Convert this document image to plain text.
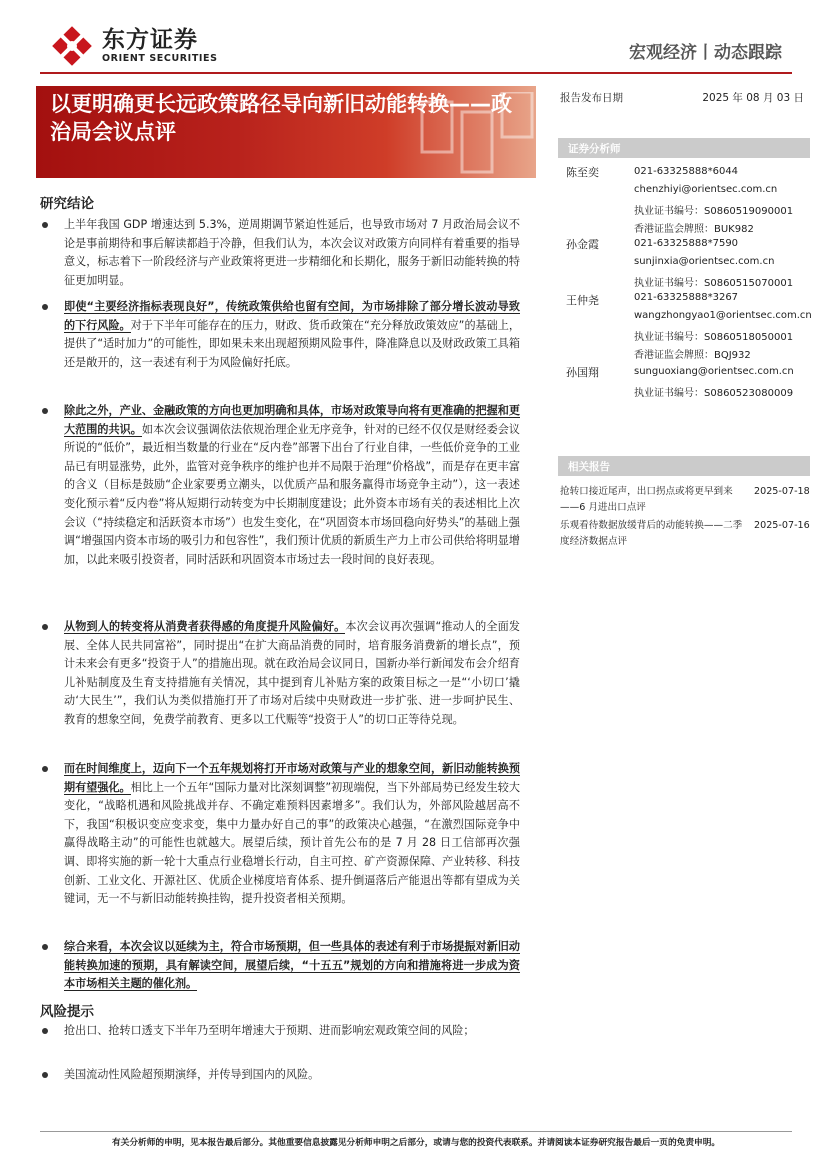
东方证券
ORIENT SECURITIES	宏观经济丨动态跟踪
以更明确更长远政策路径导向新旧动能转换——政治局会议点评
报告发布日期	2025 年 08 月 03 日
证券分析师
陈至奕	021-63325888*6044
chenzhiyi@orientsec.com.cn
执业证书编号：S0860519090001
香港证监会牌照：BUK982
孙金霞	021-63325888*7590
sunjinxia@orientsec.com.cn
执业证书编号：S0860515070001
王仲尧	021-63325888*3267
wangzhongyao1@orientsec.com.cn
执业证书编号：S0860518050001
香港证监会牌照：BQJ932
孙国翔	sunguoxiang@orientsec.com.cn
执业证书编号：S0860523080009
相关报告
抢转口接近尾声，出口拐点或将更早到来——6 月进出口点评
2025-07-18
乐观看待数据放缓背后的动能转换——二季度经济数据点评
2025-07-16
研究结论
上半年我国 GDP 增速达到 5.3%，逆周期调节紧迫性延后，也导致市场对 7 月政治局会议不论是事前期待和事后解读都趋于冷静，但我们认为，本次会议对政策方向同样有着重要的指导意义，标志着下一阶段经济与产业政策将更进一步精细化和长期化，服务于新旧动能转换的特征更加明显。
即使“主要经济指标表现良好”，传统政策供给也留有空间，为市场排除了部分增长波动导致的下行风险。对于下半年可能存在的压力，财政、货币政策在“充分释放政策效应”的基础上，提供了“适时加力”的可能性，即如果未来出现超预期风险事件，降准降息以及财政政策工具箱还是敞开的，这一表述有利于为风险偏好托底。
除此之外，产业、金融政策的方向也更加明确和具体，市场对政策导向将有更准确的把握和更大范围的共识。如本次会议强调依法依规治理企业无序竞争，针对的已经不仅仅是财经委会议所说的“低价”，最近相当数量的行业在“反内卷”部署下出台了行业自律，一些低价竞争的工业品已有明显涨势，此外，监管对竞争秩序的维护也并不局限于治理“价格战”，而是存在更丰富的含义（目标是鼓励“企业家要勇立潮头，以优质产品和服务赢得市场竞争主动”），这一表述变化预示着“反内卷”将从短期行动转变为中长期制度建设；此外资本市场有关的表述相比上次会议（“持续稳定和活跃资本市场”）也发生变化，在“巩固资本市场回稳向好势头”的基础上强调“增强国内资本市场的吸引力和包容性”，我们预计优质的新质生产力上市公司供给将明显增加，以此来吸引投资者，同时活跃和巩固资本市场过去一段时间的良好表现。
从物到人的转变将从消费者获得感的角度提升风险偏好。本次会议再次强调“推动人的全面发展、全体人民共同富裕”，同时提出“在扩大商品消费的同时，培育服务消费新的增长点”，预计未来会有更多“投资于人”的措施出现。就在政治局会议同日，国新办举行新闻发布会介绍育儿补贴制度及生育支持措施有关情况，其中提到育儿补贴方案的政策目标之一是“‘小切口’撬动‘大民生’”，我们认为类似措施打开了市场对后续中央财政进一步扩张、进一步呵护民生、教育的想象空间，免费学前教育、更多以工代赈等“投资于人”的切口正等待兑现。
而在时间维度上，迈向下一个五年规划将打开市场对政策与产业的想象空间，新旧动能转换预期有望强化。相比上一个五年“国际力量对比深刻调整”初现端倪，当下外部局势已经发生较大变化，“战略机遇和风险挑战并存、不确定难预料因素增多”。我们认为，外部风险越居高不下，我国“积极识变应变求变，集中力量办好自己的事”的政策决心越强，“在激烈国际竞争中赢得战略主动”的可能性也就越大。展望后续，预计首先公布的是 7 月 28 日工信部再次强调、即将实施的新一轮十大重点行业稳增长行动，自主可控、矿产资源保障、产业转移、科技创新、工业文化、开源社区、优质企业梯度培育体系、提升倒逼落后产能退出等都有望成为关键词，无一不与新旧动能转换挂钩，提升投资者相关预期。
综合来看，本次会议以延续为主，符合市场预期，但一些具体的表述有利于市场提振对新旧动能转换加速的预期，具有解读空间，展望后续，“十五五”规划的方向和措施将进一步成为资本市场相关主题的催化剂。
风险提示
抢出口、抢转口透支下半年乃至明年增速大于预期、进而影响宏观政策空间的风险；
美国流动性风险超预期演绎，并传导到国内的风险。
有关分析师的申明，见本报告最后部分。其他重要信息披露见分析师申明之后部分，或请与您的投资代表联系。并请阅读本证券研究报告最后一页的免责申明。
